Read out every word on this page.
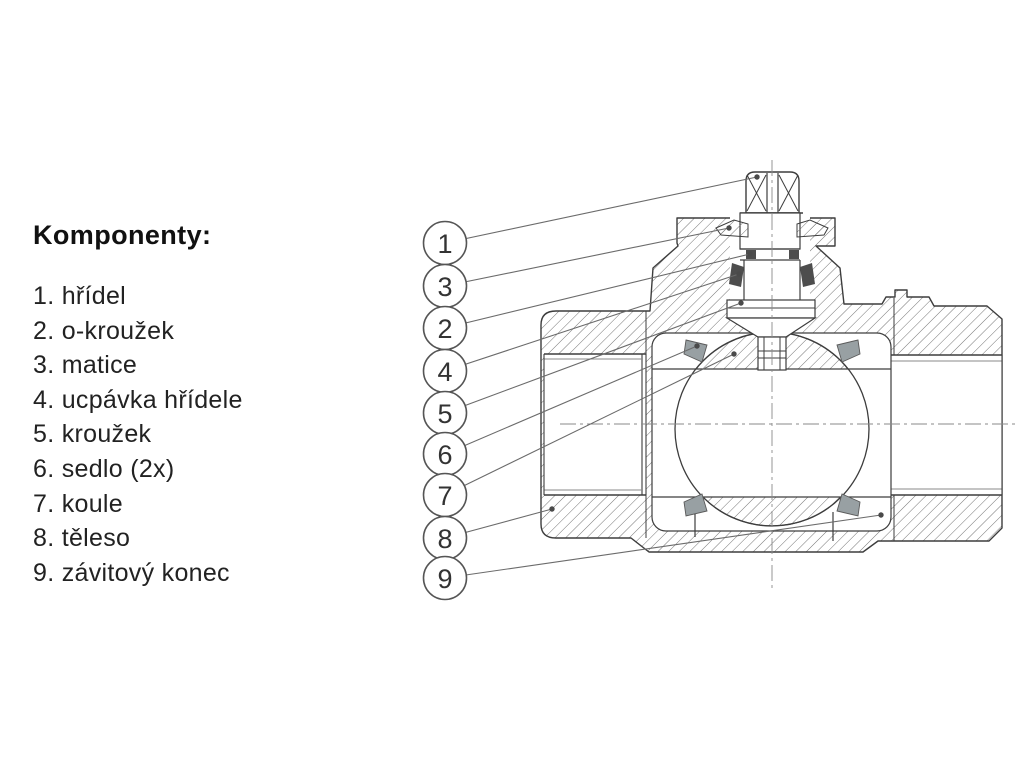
Komponenty:
1. hřídel
2. o-kroužek
3. matice
4. ucpávka hřídele
5. kroužek
6. sedlo (2x)
7. koule
8. těleso
9. závitový konec
1
3
2
4
5
6
7
8
9
